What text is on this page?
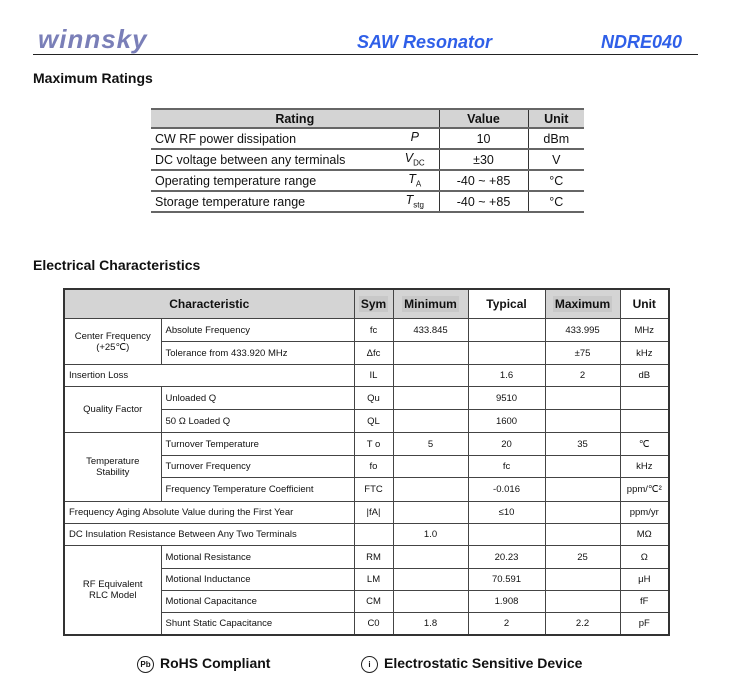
winnsky	SAW Resonator	NDRE040
Maximum Ratings
Rating		Value	Unit
CW RF power dissipation	P	10	dBm
DC voltage between any terminals	$V_{DC}$	±30	V
Operating temperature range	$T_A$	-40 ~ +85	°C
Storage temperature range	$T_{stg}$	-40 ~ +85	°C
Electrical Characteristics
Characteristic		Sym	Minimum	Typical	Maximum	Unit
Center Frequency
(+25℃)	Absolute Frequency	fc	433.845		433.995	MHz
	Tolerance from 433.920 MHz	Δfc			±75	kHz
Insertion Loss		IL		1.6	2	dB
Quality Factor	Unloaded Q	Qu		9510		
	50 Ω Loaded Q	QL		1600		
Temperature
Stability	Turnover Temperature	T o	5	20	35	℃
	Turnover Frequency	fo		fc		kHz
	Frequency Temperature Coefficient	FTC		-0.016		ppm/℃²
Frequency Aging Absolute Value during the First Year		|fA|		≤10		ppm/yr
DC Insulation Resistance Between Any Two Terminals			1.0			MΩ
RF Equivalent
RLC Model	Motional Resistance	RM		20.23	25	Ω
	Motional Inductance	LM		70.591		μH
	Motional Capacitance	CM		1.908		fF
	Shunt Static Capacitance	C0	1.8	2	2.2	pF
Pb RoHS Compliant	i Electrostatic Sensitive Device
